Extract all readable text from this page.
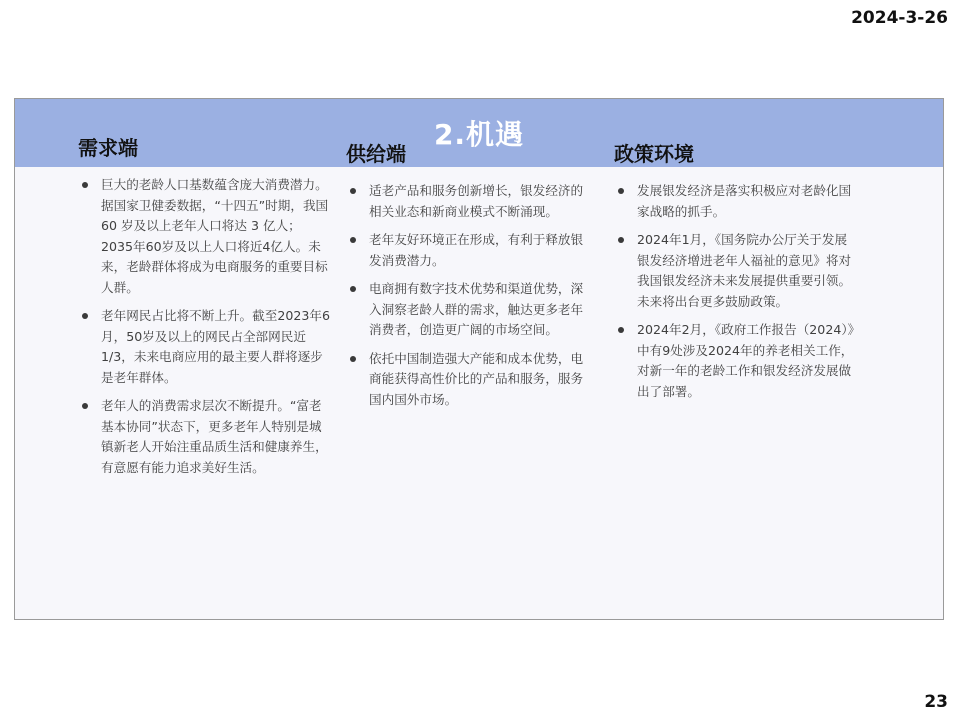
2024-3-26
2.机遇
需求端
巨大的老龄人口基数蕴含庞大消费潜力。据国家卫健委数据，“十四五”时期，我国 60 岁及以上老年人口将达 3 亿人；2035年60岁及以上人口将近4亿人。未来，老龄群体将成为电商服务的重要目标人群。
老年网民占比将不断上升。截至2023年6月，50岁及以上的网民占全部网民近1/3，未来电商应用的最主要人群将逐步是老年群体。
老年人的消费需求层次不断提升。“富老基本协同”状态下，更多老年人特别是城镇新老人开始注重品质生活和健康养生，有意愿有能力追求美好生活。
供给端
适老产品和服务创新增长，银发经济的相关业态和新商业模式不断涌现。
老年友好环境正在形成，有利于释放银发消费潜力。
电商拥有数字技术优势和渠道优势，深入洞察老龄人群的需求，触达更多老年消费者，创造更广阔的市场空间。
依托中国制造强大产能和成本优势，电商能获得高性价比的产品和服务，服务国内国外市场。
政策环境
发展银发经济是落实积极应对老龄化国家战略的抓手。
2024年1月，《国务院办公厅关于发展银发经济增进老年人福祉的意见》将对我国银发经济未来发展提供重要引领。未来将出台更多鼓励政策。
2024年2月，《政府工作报告（2024）》中有9处涉及2024年的养老相关工作，对新一年的老龄工作和银发经济发展做出了部署。
23
